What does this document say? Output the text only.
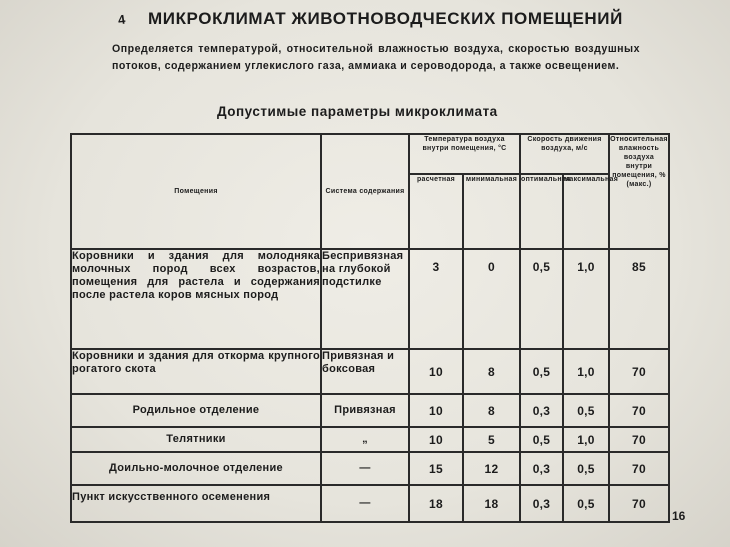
4 МИКРОКЛИМАТ ЖИВОТНОВОДЧЕСКИХ ПОМЕЩЕНИЙ
Определяется температурой, относительной влажностью воздуха, скоростью воздушных потоков, содержанием углекислого газа, аммиака и сероводорода, а также освещением.
Допустимые параметры микроклимата
Помещения	Система содержания	Температура воздуха внутри помещения, °С		Скорость движения воздуха, м/с		Относительная влажность воздуха внутри помещения, % (макс.)
		расчетная	минимальная	оптимальная	максимальная	
Коровники и здания для молодняка молочных пород всех возрастов, помещения для растела и содержания после растела коров мясных пород	Беспривязная на глубокой подстилке	3	0	0,5	1,0	85
Коровники и здания для откорма крупного рогатого скота	Привязная и боксовая	10	8	0,5	1,0	70
Родильное отделение	Привязная	10	8	0,3	0,5	70
Телятники	„	10	5	0,5	1,0	70
Доильно-молочное отделение	—	15	12	0,3	0,5	70
Пункт искусственного осеменения	—	18	18	0,3	0,5	70
16
